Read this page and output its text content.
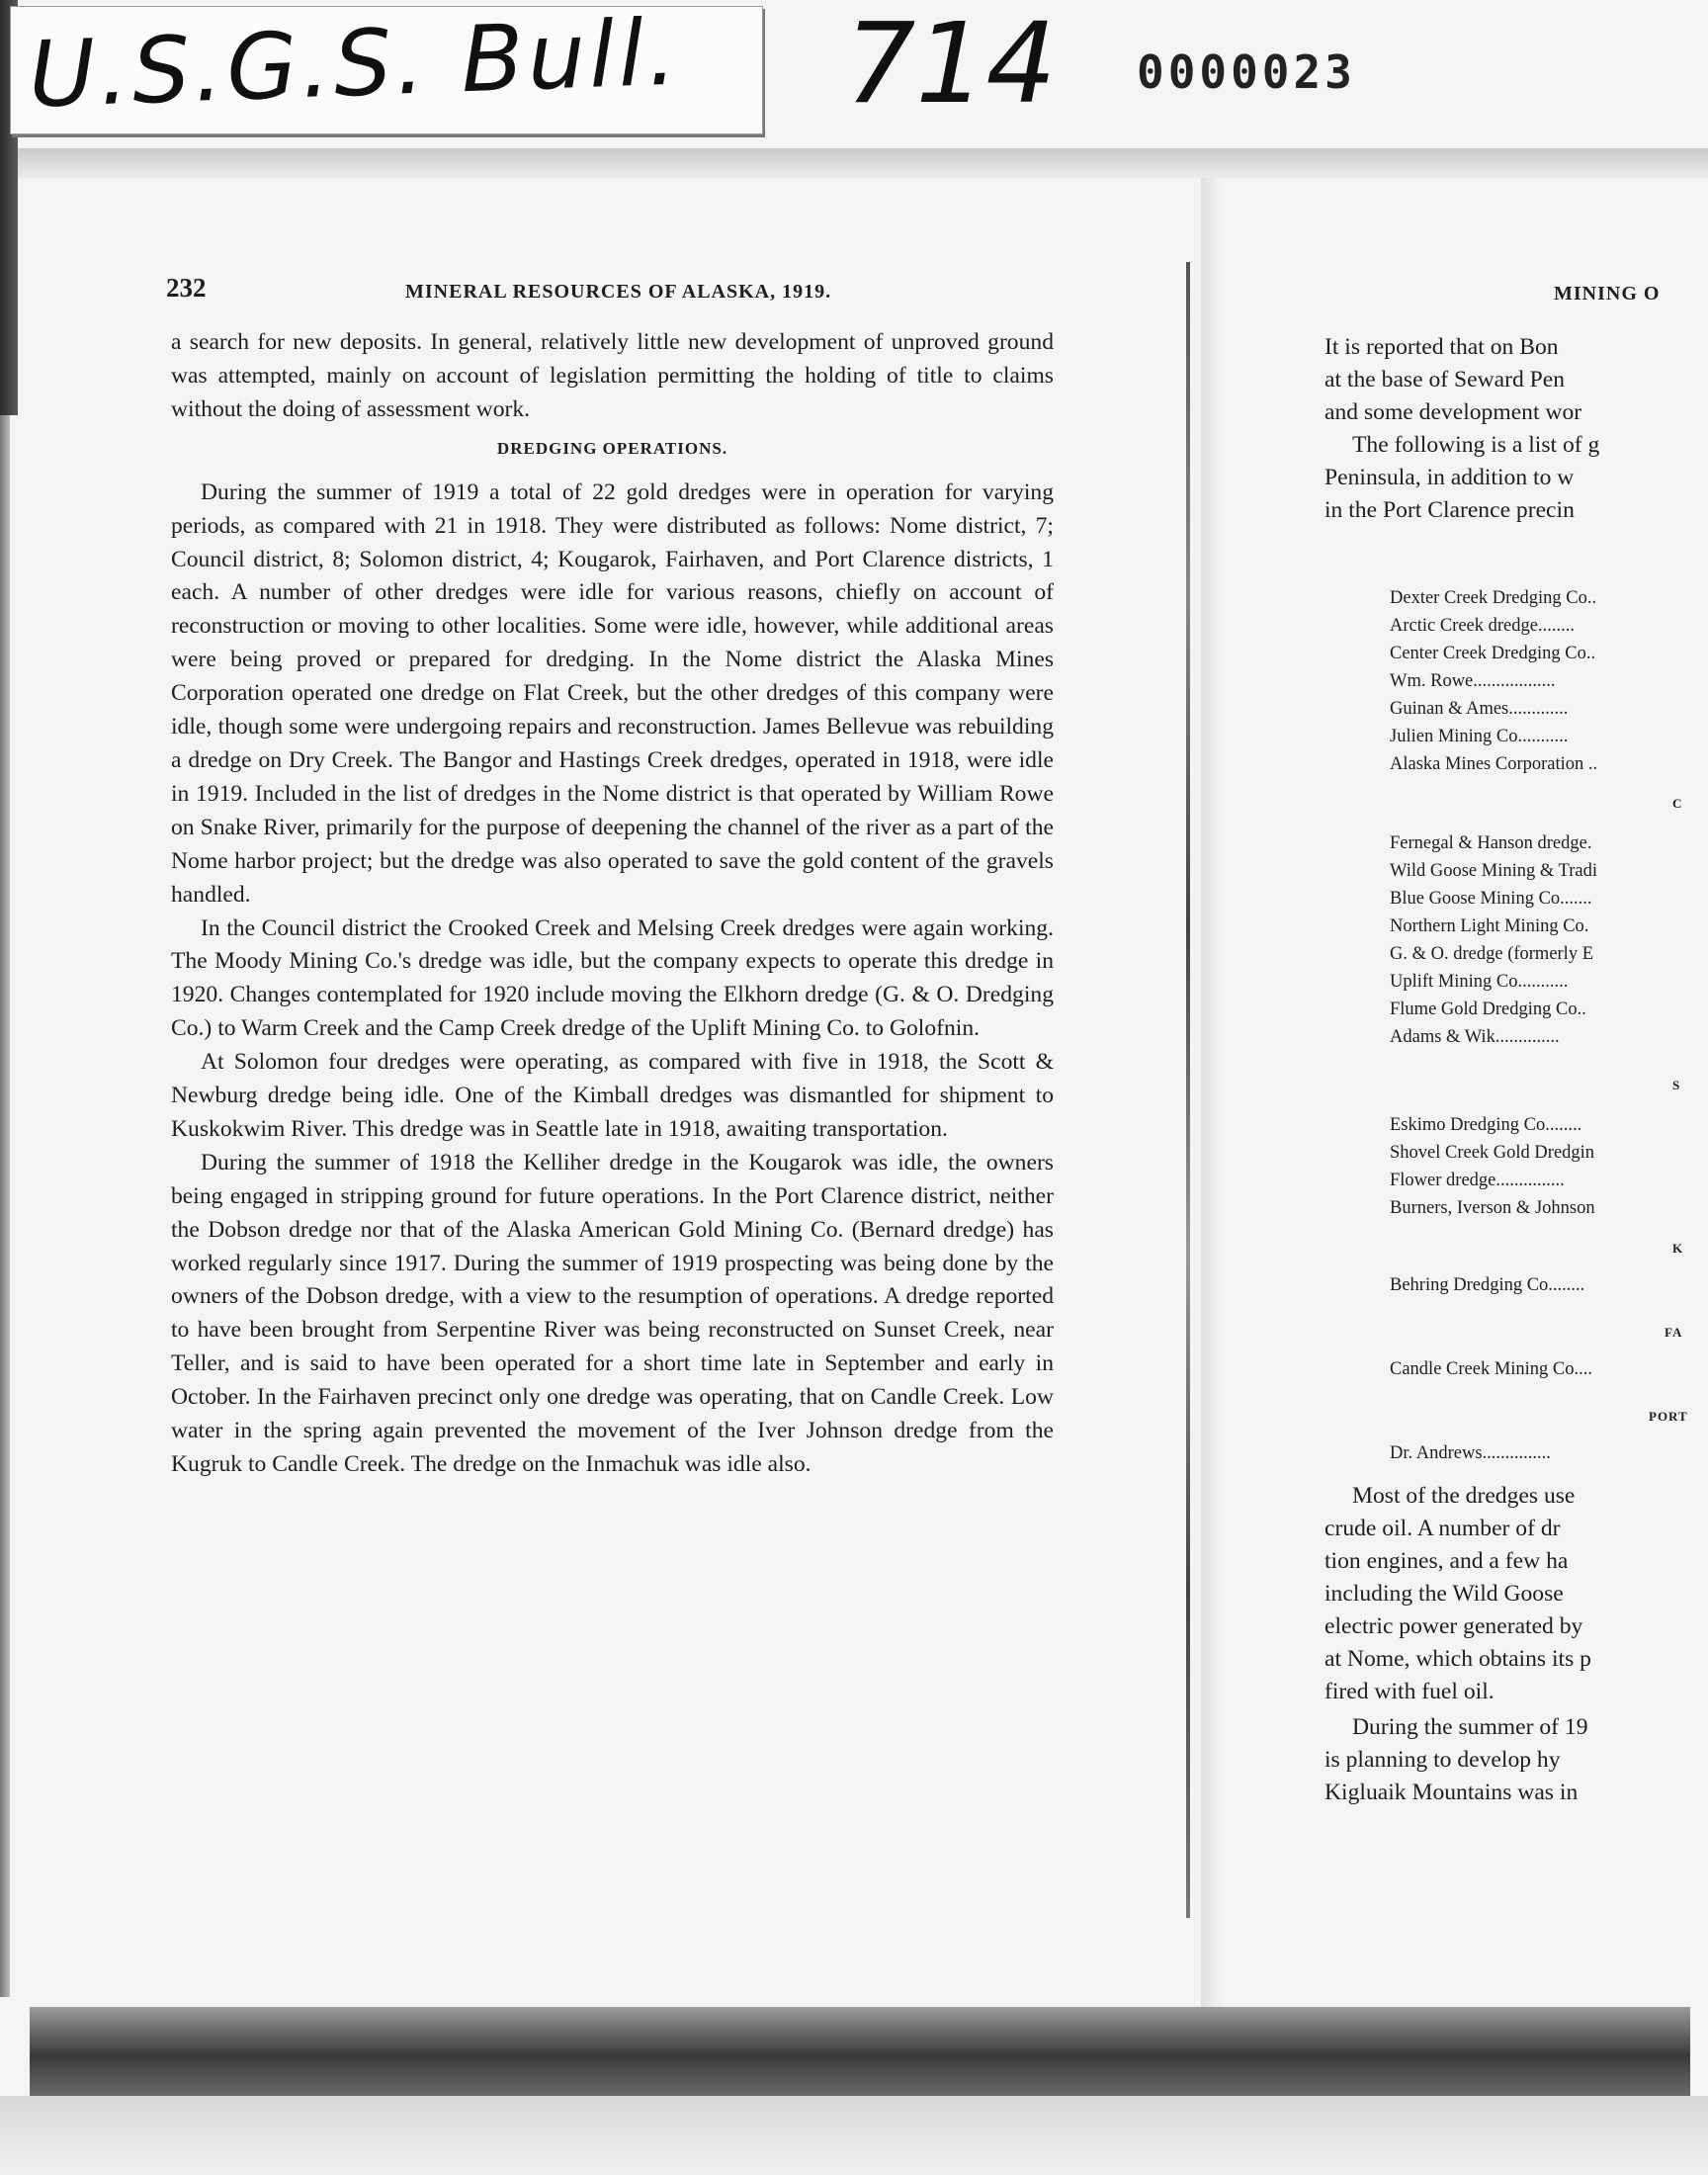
U.S.G.S. Bull. 714 0000023
232	MINERAL RESOURCES OF ALASKA, 1919.

a search for new deposits. In general, relatively little new development of unproved ground was attempted, mainly on account of legislation permitting the holding of title to claims without the doing of assessment work.

DREDGING OPERATIONS.

During the summer of 1919 a total of 22 gold dredges were in operation for varying periods, as compared with 21 in 1918. They were distributed as follows: Nome district, 7; Council district, 8; Solomon district, 4; Kougarok, Fairhaven, and Port Clarence districts, 1 each. A number of other dredges were idle for various reasons, chiefly on account of reconstruction or moving to other localities. Some were idle, however, while additional areas were being proved or prepared for dredging. In the Nome district the Alaska Mines Corporation operated one dredge on Flat Creek, but the other dredges of this company were idle, though some were undergoing repairs and reconstruction. James Bellevue was rebuilding a dredge on Dry Creek. The Bangor and Hastings Creek dredges, operated in 1918, were idle in 1919. Included in the list of dredges in the Nome district is that operated by William Rowe on Snake River, primarily for the purpose of deepening the channel of the river as a part of the Nome harbor project; but the dredge was also operated to save the gold content of the gravels handled.

In the Council district the Crooked Creek and Melsing Creek dredges were again working. The Moody Mining Co.'s dredge was idle, but the company expects to operate this dredge in 1920. Changes contemplated for 1920 include moving the Elkhorn dredge (G. & O. Dredging Co.) to Warm Creek and the Camp Creek dredge of the Uplift Mining Co. to Golofnin.

At Solomon four dredges were operating, as compared with five in 1918, the Scott & Newburg dredge being idle. One of the Kimball dredges was dismantled for shipment to Kuskokwim River. This dredge was in Seattle late in 1918, awaiting transportation.

During the summer of 1918 the Kelliher dredge in the Kougarok was idle, the owners being engaged in stripping ground for future operations. In the Port Clarence district, neither the Dobson dredge nor that of the Alaska American Gold Mining Co. (Bernard dredge) has worked regularly since 1917. During the summer of 1919 prospecting was being done by the owners of the Dobson dredge, with a view to the resumption of operations. A dredge reported to have been brought from Serpentine River was being reconstructed on Sunset Creek, near Teller, and is said to have been operated for a short time late in September and early in October. In the Fairhaven precinct only one dredge was operating, that on Candle Creek. Low water in the spring again prevented the movement of the Iver Johnson dredge from the Kugruk to Candle Creek. The dredge on the Inmachuk was idle also.

MINING O
It is reported that on Bon
at the base of Seward Pen
and some development wor
The following is a list of g
Peninsula, in addition to w
in the Port Clarence precin
Dexter Creek Dredging Co..
Arctic Creek dredge........
Center Creek Dredging Co..
Wm. Rowe..................
Guinan & Ames.............
Julien Mining Co...........
Alaska Mines Corporation ..
C
Fernegal & Hanson dredge.
Wild Goose Mining & Tradi
Blue Goose Mining Co.......
Northern Light Mining Co.
G. & O. dredge (formerly E
Uplift Mining Co...........
Flume Gold Dredging Co..
Adams & Wik..............
S
Eskimo Dredging Co........
Shovel Creek Gold Dredgin
Flower dredge...............
Burners, Iverson & Johnson
K
Behring Dredging Co........
FA
Candle Creek Mining Co....
PORT
Dr. Andrews...............
Most of the dredges use
crude oil. A number of dr
tion engines, and a few ha
including the Wild Goose
electric power generated by
at Nome, which obtains its p
fired with fuel oil.
During the summer of 19
is planning to develop hy
Kigluaik Mountains was in
